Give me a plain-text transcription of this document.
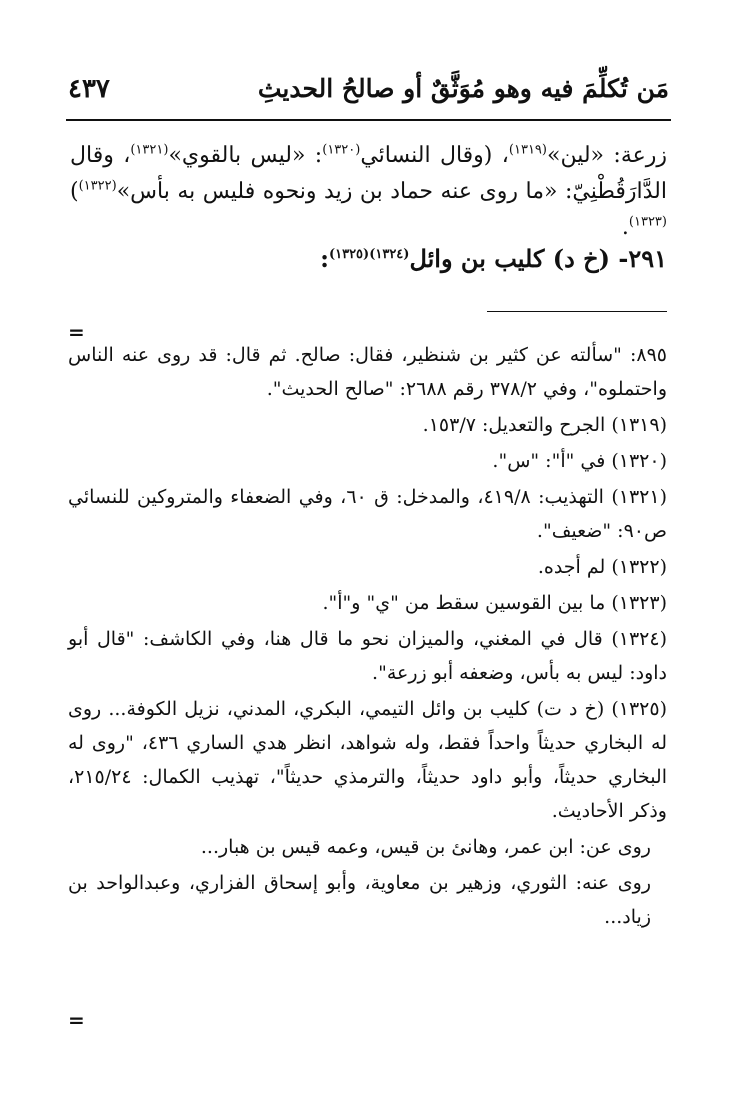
مَن تُكلِّمَ فيه وهو مُوَثَّقٌ أو صالحُ الحديثِ
٤٣٧

زرعة: «لين»$^{(١٣١٩)}$، (وقال النسائي$^{(١٣٢٠)}$: «ليس بالقوي»$^{(١٣٢١)}$، وقال الدَّارَقُطْنِيّ: «ما روى عنه حماد بن زيد ونحوه فليس به بأس»$^{(١٣٢٢)}$)$^{(١٣٢٣)}$.

٢٩١- (خ د) كليب بن وائل$^{(١٣٢٤)(١٣٢٥)}$:
=

٨٩٥: "سألته عن كثير بن شنظير، فقال: صالح. ثم قال: قد روى عنه الناس واحتملوه"، وفي ٣٧٨/٢ رقم ٢٦٨٨: "صالح الحديث".

(١٣١٩) الجرح والتعديل: ١٥٣/٧.

(١٣٢٠) في "أ": "س".

(١٣٢١) التهذيب: ٤١٩/٨، والمدخل: ق ٦٠، وفي الضعفاء والمتروكين للنسائي ص٩٠: "ضعيف".

(١٣٢٢) لم أجده.

(١٣٢٣) ما بين القوسين سقط من "ي" و"أ".

(١٣٢٤) قال في المغني، والميزان نحو ما قال هنا، وفي الكاشف: "قال أبو داود: ليس به بأس، وضعفه أبو زرعة".

(١٣٢٥) (خ د ت) كليب بن وائل التيمي، البكري، المدني، نزيل الكوفة... روى له البخاري حديثاً واحداً فقط، وله شواهد، انظر هدي الساري ٤٣٦، "روى له البخاري حديثاً، وأبو داود حديثاً، والترمذي حديثاً"، تهذيب الكمال: ٢١٥/٢٤، وذكر الأحاديث.

روى عن: ابن عمر، وهانئ بن قيس، وعمه قيس بن هبار...

روى عنه: الثوري، وزهير بن معاوية، وأبو إسحاق الفزاري، وعبدالواحد بن زياد...

=
